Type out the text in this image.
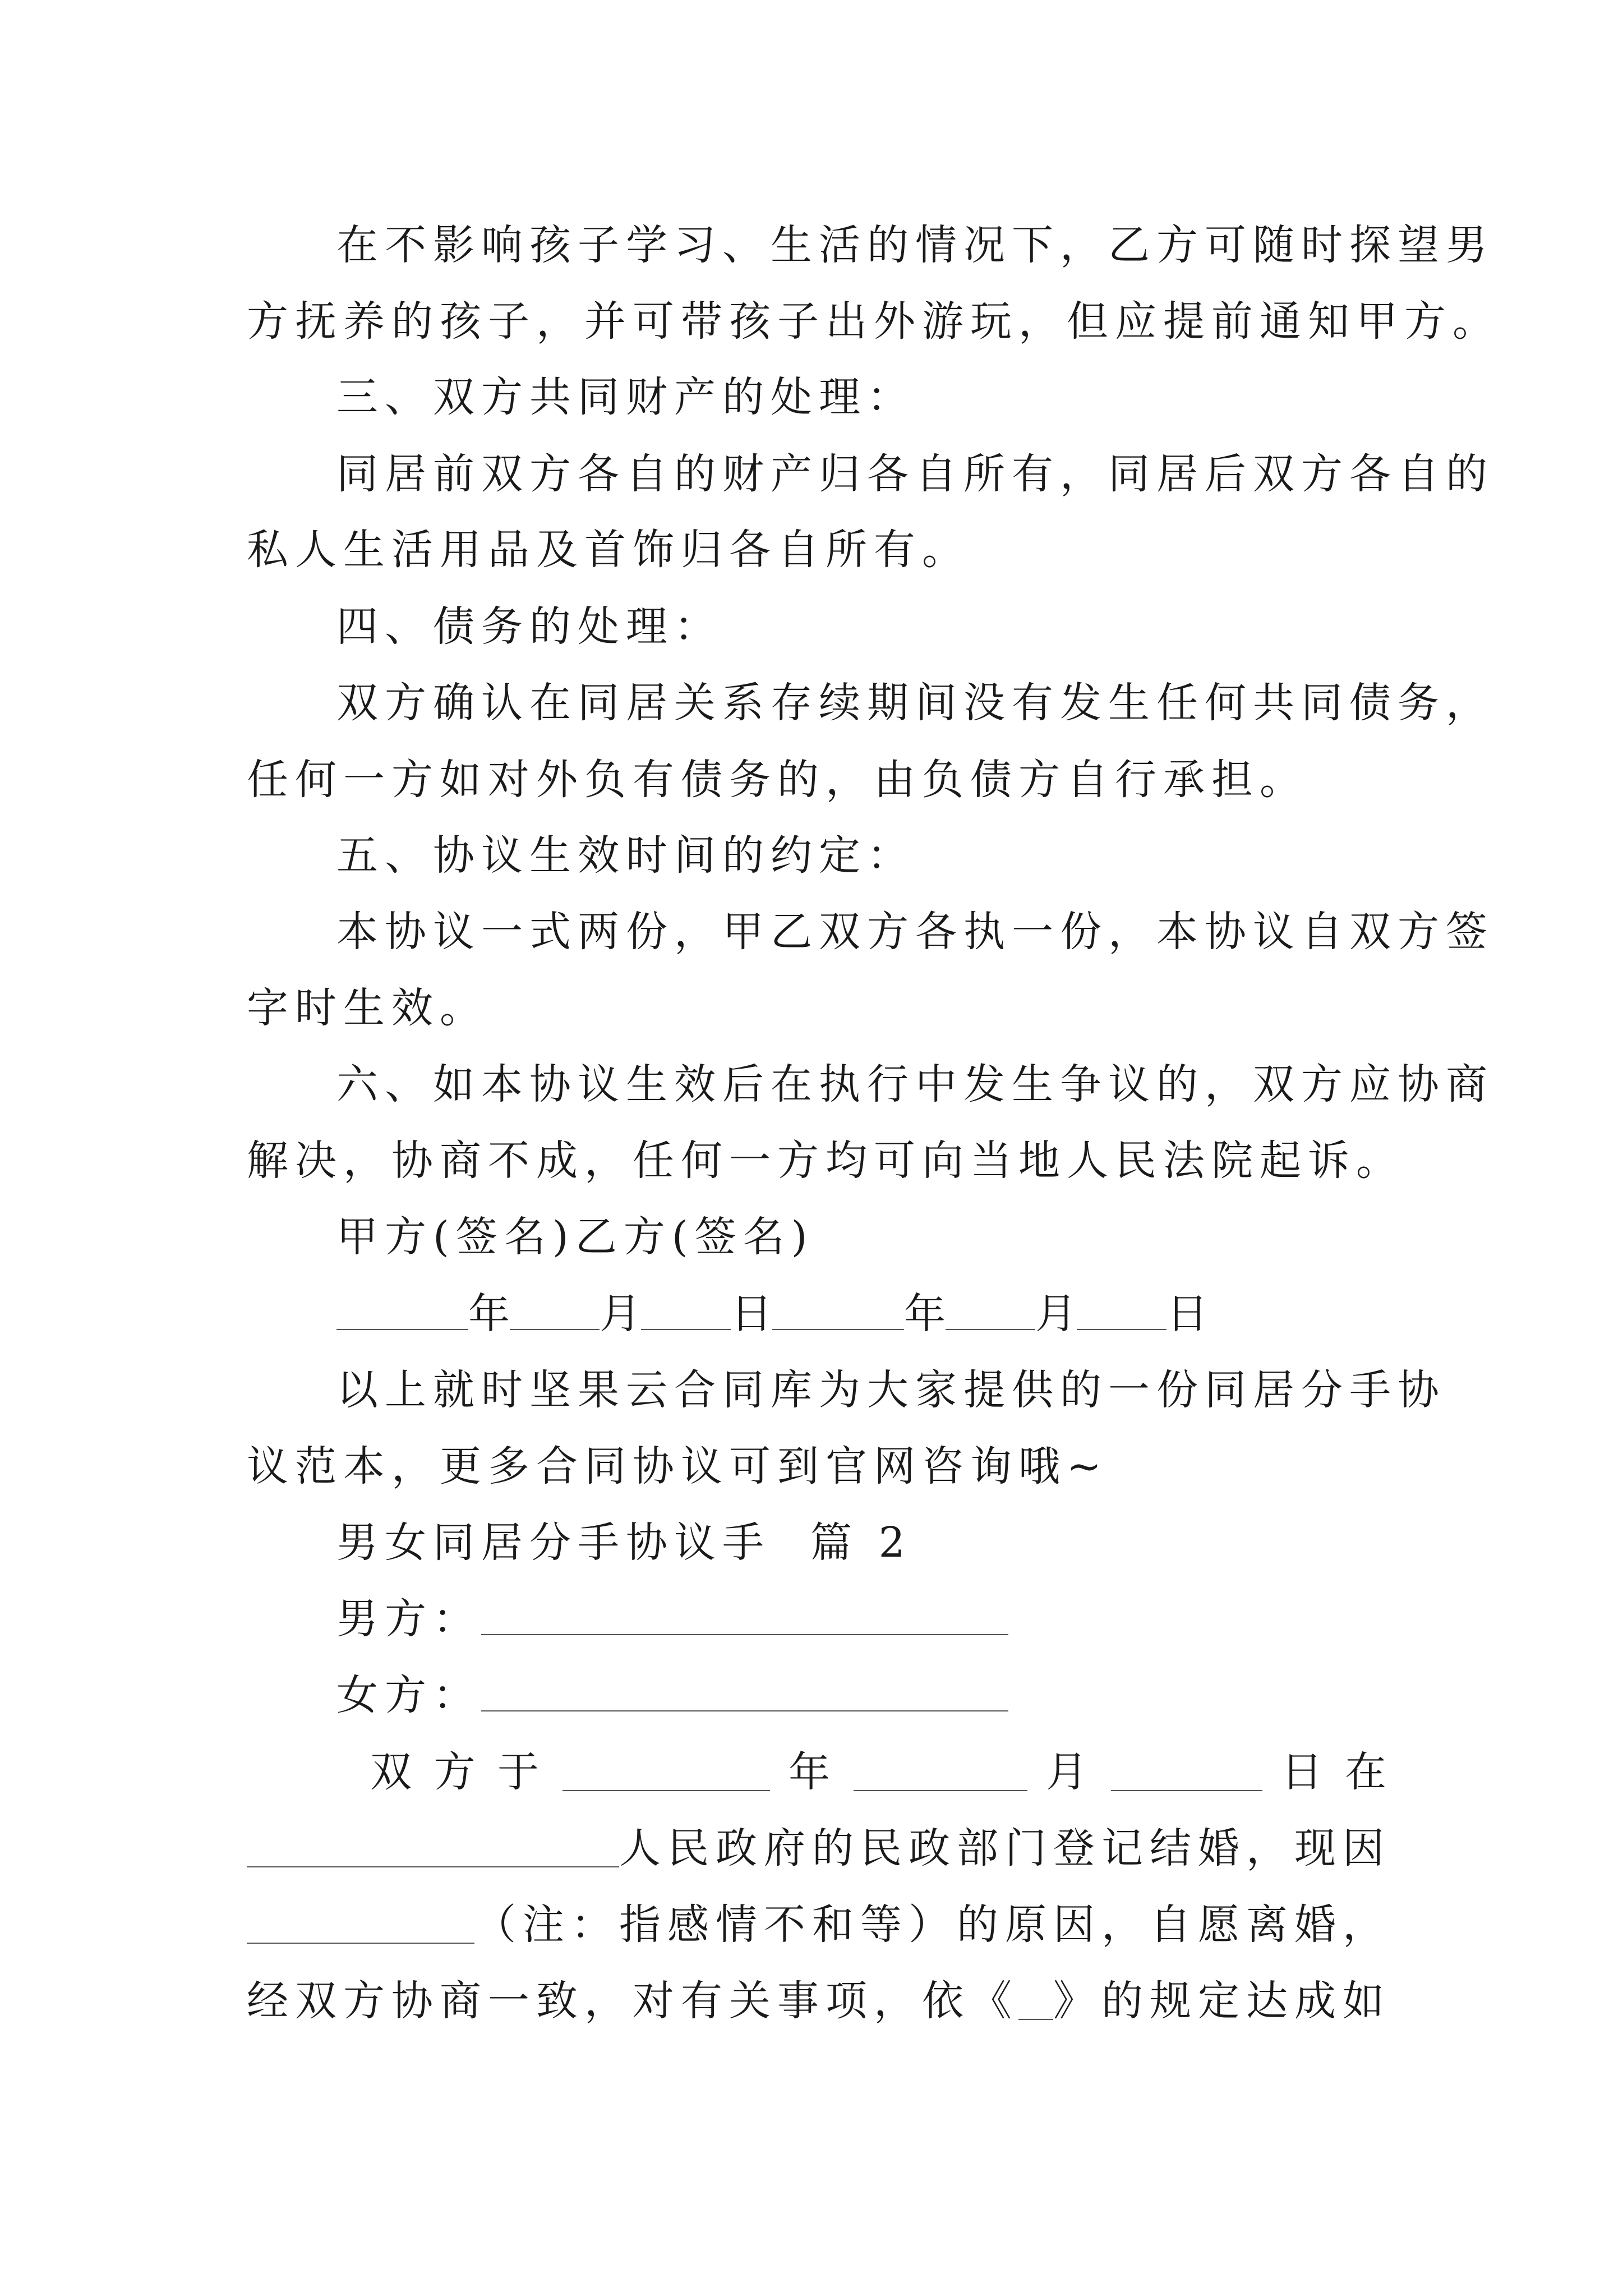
在不影响孩子学习、生活的情况下，乙方可随时探望男
方抚养的孩子，并可带孩子出外游玩，但应提前通知甲方。
三、双方共同财产的处理：
同居前双方各自的财产归各自所有，同居后双方各自的
私人生活用品及首饰归各自所有。
四、债务的处理：
双方确认在同居关系存续期间没有发生任何共同债务，
任何一方如对外负有债务的，由负债方自行承担。
五、协议生效时间的约定：
本协议一式两份，甲乙双方各执一份，本协议自双方签
字时生效。
六、如本协议生效后在执行中发生争议的，双方应协商
解决，协商不成，任何一方均可向当地人民法院起诉。
甲方(签名)乙方(签名)
年 月 日	年 月 日
以上就时坚果云合同库为大家提供的一份同居分手协
议范本，更多合同协议可到官网咨询哦~
男女同居分手协议手  篇 2
男方：
女方：
双 方 于	年	月	日 在
人民政府的民政部门登记结婚，现因
（注：指感情不和等）的原因，自愿离婚，
经双方协商一致，对有关事项，依《 》的规定达成如
